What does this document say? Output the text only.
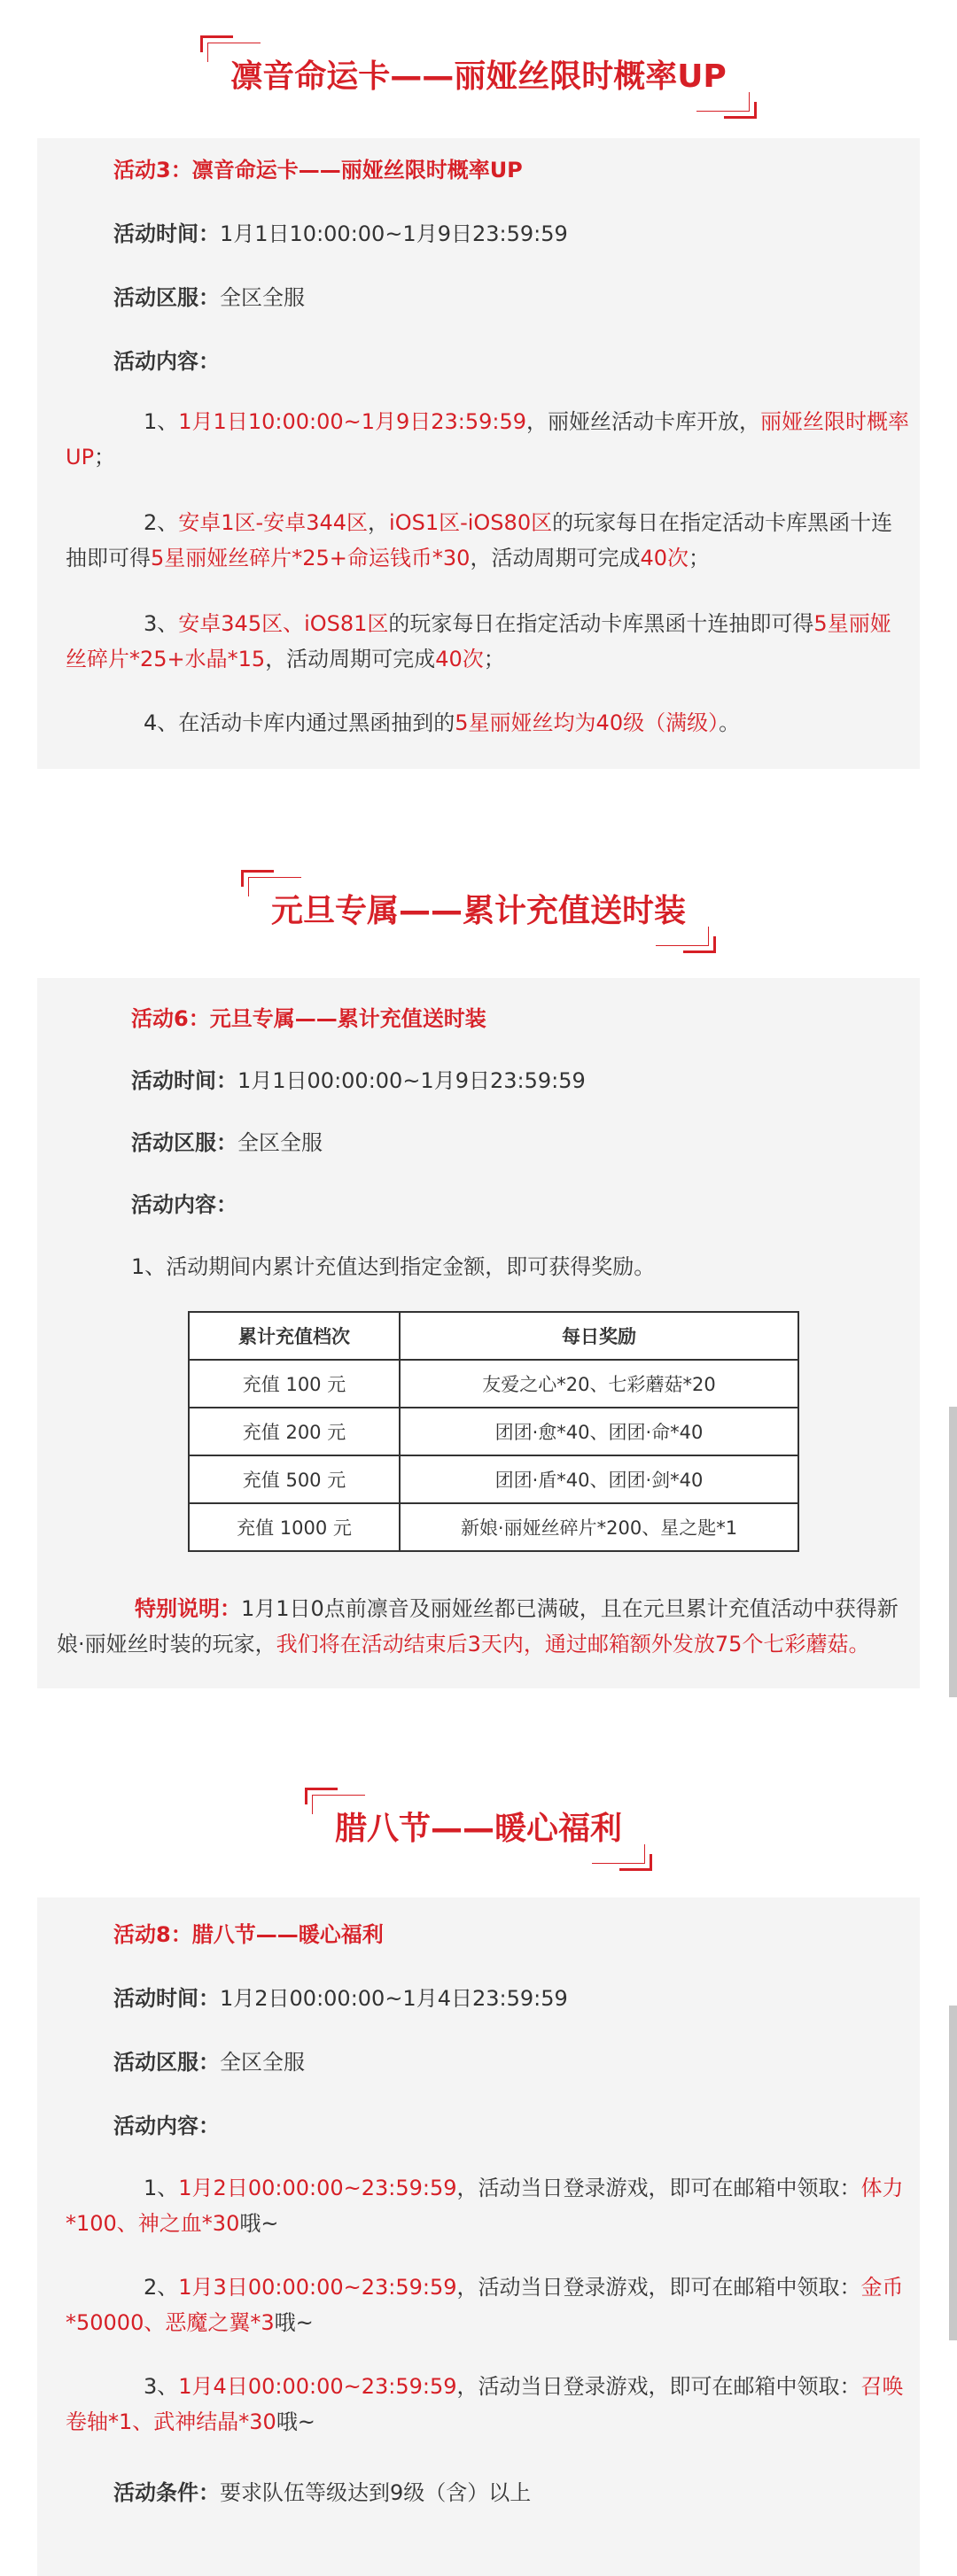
凛音命运卡——丽娅丝限时概率UP

活动3：凛音命运卡——丽娅丝限时概率UP

活动时间：1月1日10:00:00~1月9日23:59:59

活动区服：全区全服

活动内容：

1、1月1日10:00:00~1月9日23:59:59，丽娅丝活动卡库开放，丽娅丝限时概率UP；

2、安卓1区-安卓344区，iOS1区-iOS80区的玩家每日在指定活动卡库黑函十连抽即可得5星丽娅丝碎片*25+命运钱币*30，活动周期可完成40次；

3、安卓345区、iOS81区的玩家每日在指定活动卡库黑函十连抽即可得5星丽娅丝碎片*25+水晶*15，活动周期可完成40次；

4、在活动卡库内通过黑函抽到的5星丽娅丝均为40级（满级）。

元旦专属——累计充值送时装

活动6：元旦专属——累计充值送时装

活动时间：1月1日00:00:00~1月9日23:59:59

活动区服：全区全服

活动内容：

1、活动期间内累计充值达到指定金额，即可获得奖励。

累计充值档次	每日奖励
充值 100 元	友爱之心*20、七彩蘑菇*20
充值 200 元	团团·愈*40、团团·命*40
充值 500 元	团团·盾*40、团团·剑*40
充值 1000 元	新娘·丽娅丝碎片*200、星之匙*1

特别说明：1月1日0点前凛音及丽娅丝都已满破，且在元旦累计充值活动中获得新娘·丽娅丝时装的玩家，我们将在活动结束后3天内，通过邮箱额外发放75个七彩蘑菇。

腊八节——暖心福利

活动8：腊八节——暖心福利

活动时间：1月2日00:00:00~1月4日23:59:59

活动区服：全区全服

活动内容：

1、1月2日00:00:00~23:59:59，活动当日登录游戏，即可在邮箱中领取：体力*100、神之血*30哦~

2、1月3日00:00:00~23:59:59，活动当日登录游戏，即可在邮箱中领取：金币*50000、恶魔之翼*3哦~

3、1月4日00:00:00~23:59:59，活动当日登录游戏，即可在邮箱中领取：召唤卷轴*1、武神结晶*30哦~

活动条件：要求队伍等级达到9级（含）以上
